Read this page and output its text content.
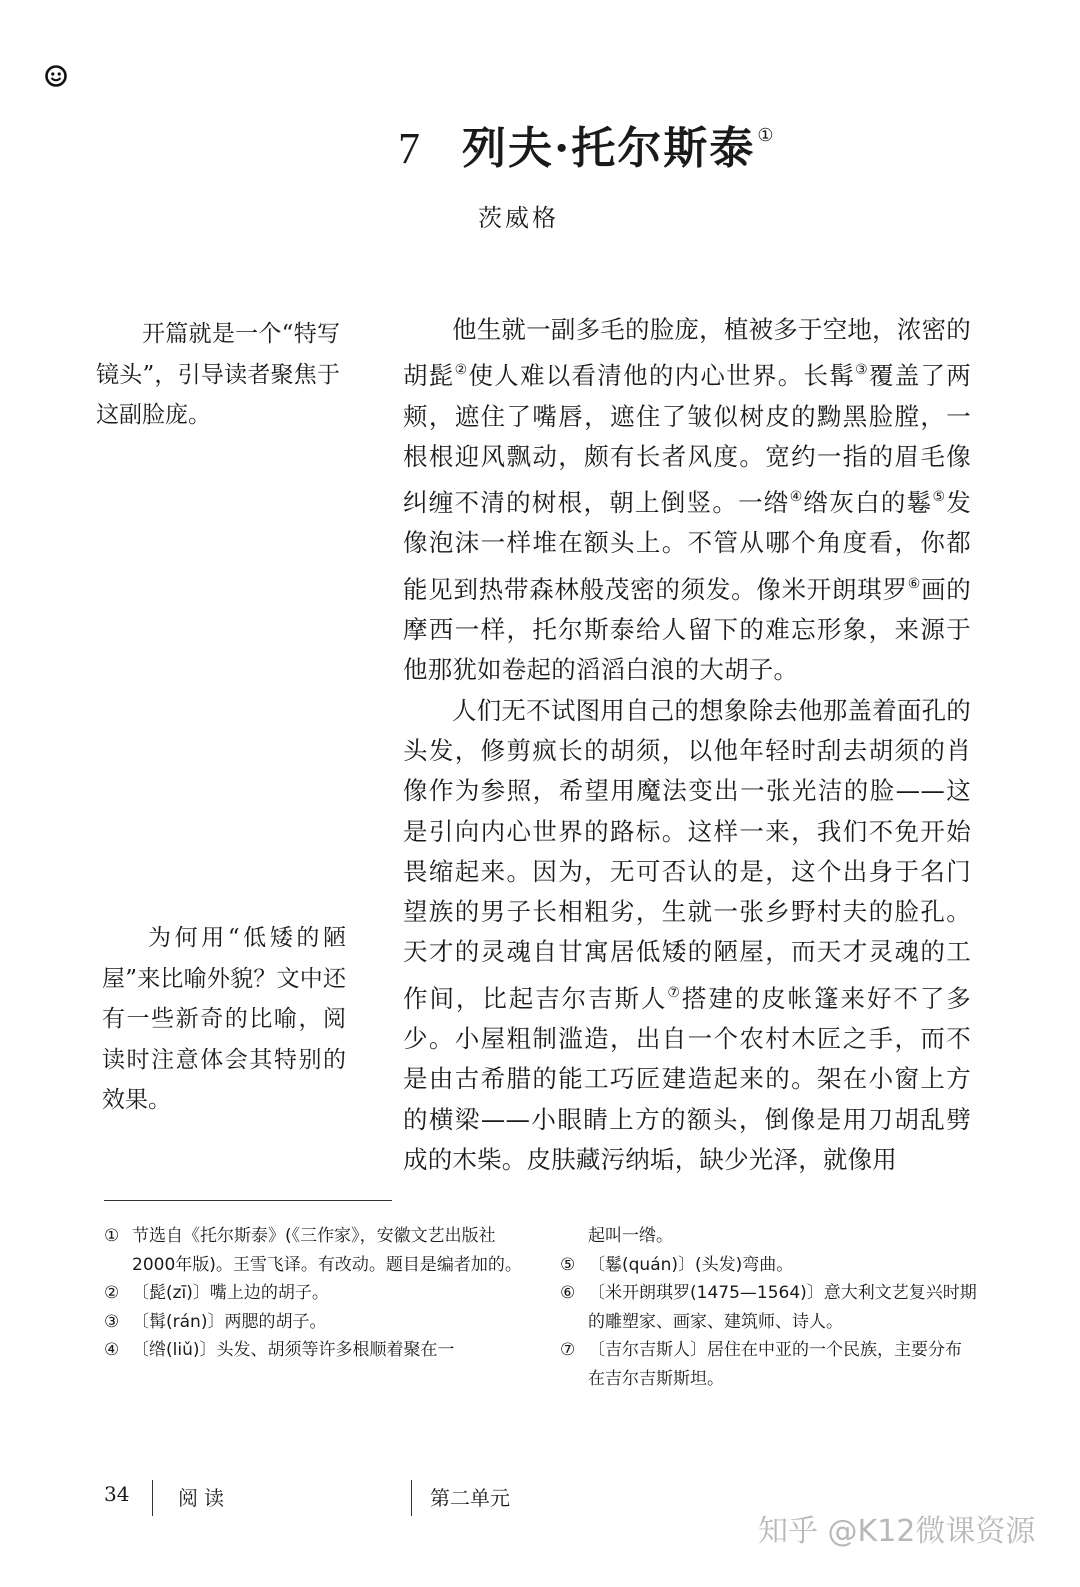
7 列夫·托尔斯泰 ①
茨威格

开篇就是一个“特写镜头”，引导读者聚焦于这副脸庞。

为何用“低矮的陋屋”来比喻外貌？文中还有一些新奇的比喻，阅读时注意体会其特别的效果。

他生就一副多毛的脸庞，植被多于空地，浓密的胡髭②使人难以看清他的内心世界。长髯③覆盖了两颊，遮住了嘴唇，遮住了皱似树皮的黝黑脸膛，一根根迎风飘动，颇有长者风度。宽约一指的眉毛像纠缠不清的树根，朝上倒竖。一绺④绺灰白的鬈⑤发像泡沫一样堆在额头上。不管从哪个角度看，你都能见到热带森林般茂密的须发。像米开朗琪罗⑥画的摩西一样，托尔斯泰给人留下的难忘形象，来源于他那犹如卷起的滔滔白浪的大胡子。

人们无不试图用自己的想象除去他那盖着面孔的头发，修剪疯长的胡须，以他年轻时刮去胡须的肖像作为参照，希望用魔法变出一张光洁的脸——这是引向内心世界的路标。这样一来，我们不免开始畏缩起来。因为，无可否认的是，这个出身于名门望族的男子长相粗劣，生就一张乡野村夫的脸孔。天才的灵魂自甘寓居低矮的陋屋，而天才灵魂的工作间，比起吉尔吉斯人⑦搭建的皮帐篷来好不了多少。小屋粗制滥造，出自一个农村木匠之手，而不是由古希腊的能工巧匠建造起来的。架在小窗上方的横梁——小眼睛上方的额头，倒像是用刀胡乱劈成的木柴。皮肤藏污纳垢，缺少光泽，就像用

① 节选自《托尔斯泰》(《三作家》，安徽文艺出版社2000年版)。王雪飞译。有改动。题目是编者加的。
② 〔髭(zī)〕嘴上边的胡子。
③ 〔髯(rán)〕两腮的胡子。
④ 〔绺(liǔ)〕头发、胡须等许多根顺着聚在一
起叫一绺。
⑤ 〔鬈(quán)〕(头发)弯曲。
⑥ 〔米开朗琪罗(1475—1564)〕意大利文艺复兴时期的雕塑家、画家、建筑师、诗人。
⑦ 〔吉尔吉斯人〕居住在中亚的一个民族，主要分布在吉尔吉斯斯坦。
34 阅读	第二单元
知乎 @K12微课资源
